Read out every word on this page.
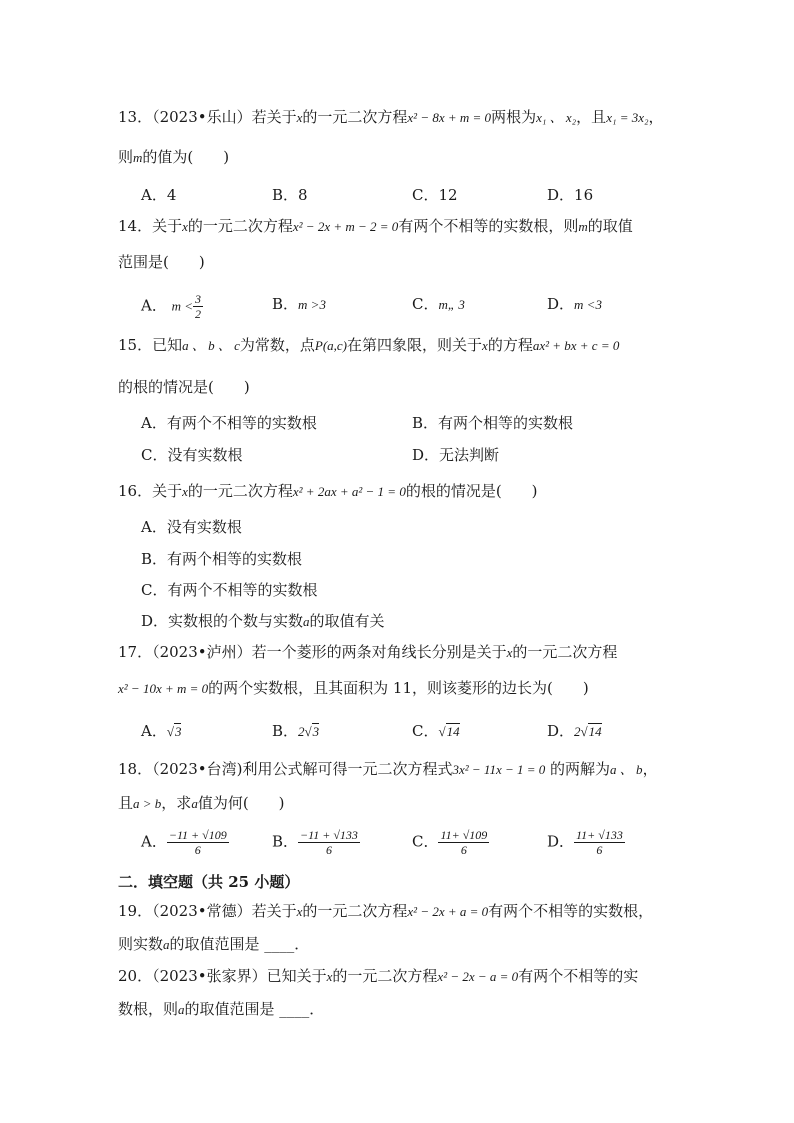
13．（2023•乐山）若关于x的一元二次方程x² − 8x + m = 0两根为x₁ 、 x₂，且x₁ = 3x₂，
则m的值为(　　)
A．4	B．8	C．12	D．16
14．关于x的一元二次方程x² − 2x + m − 2 = 0有两个不相等的实数根，则m的取值
范围是(　　)
A． $m < \frac{3}{2}$	B．m >3	C．m„ 3	D．m <3
15．已知a 、 b 、 c为常数，点P(a,c)在第四象限，则关于x的方程ax² + bx + c = 0
的根的情况是(　　)
A．有两个不相等的实数根	B．有两个相等的实数根
C．没有实数根	D．无法判断
16．关于x的一元二次方程x² + 2ax + a² − 1 = 0的根的情况是(　　)
A．没有实数根
B．有两个相等的实数根
C．有两个不相等的实数根
D．实数根的个数与实数a的取值有关
17．（2023•泸州）若一个菱形的两条对角线长分别是关于x的一元二次方程
x² − 10x + m = 0的两个实数根，且其面积为 11，则该菱形的边长为(　　)
A．√3	B．2√3	C．√14	D．2√14
18．（2023•台湾)利用公式解可得一元二次方程式3x² − 11x − 1 = 0 的两解为a 、 b，
且a > b，求a值为何(　　)
A． $\frac{-11 + √109}{6}$	B． $\frac{-11 + √133}{6}$	C． $\frac{11+ √109}{6}$	D． $\frac{11+ √133}{6}$
二．填空题（共 25 小题）
19．（2023•常德）若关于x的一元二次方程x² − 2x + a = 0有两个不相等的实数根，
则实数a的取值范围是 ____．
20．（2023•张家界）已知关于x的一元二次方程x² − 2x − a = 0有两个不相等的实
数根，则a的取值范围是 ____．
